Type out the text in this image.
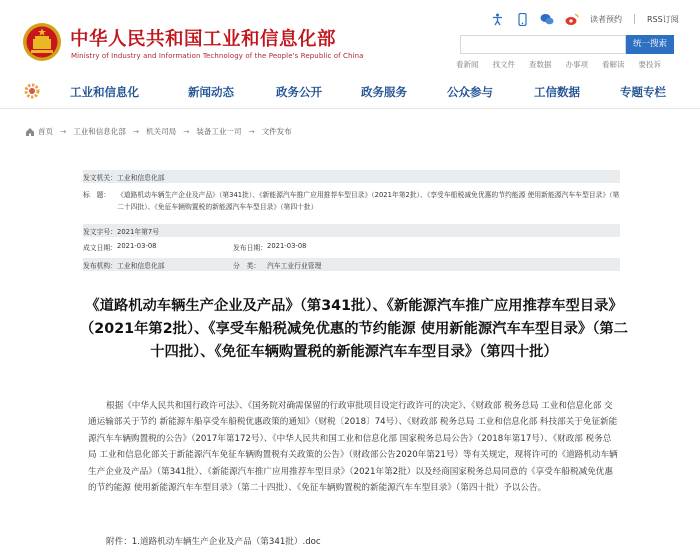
中华人民共和国工业和信息化部
Ministry of Industry and Information Technology of the People's Republic of China
读者预约	RSS订阅
统一搜索
看新闻 找文件 查数据 办事项 看解读 要投诉
工业和信息化	新闻动态	政务公开	政务服务	公众参与	工信数据	专题专栏
首页 → 工业和信息化部 → 机关司局 → 装备工业一司 → 文件发布
发文机关： 工业和信息化部
标　题：	《道路机动车辆生产企业及产品》（第341批）、《新能源汽车推广应用推荐车型目录》（2021年第2批）、《享受车船税减免优惠的节约能源 使用新能源汽车车型目录》（第二十四批）、《免征车辆购置税的新能源汽车车型目录》（第四十批）
发文字号： 2021年第7号
成文日期： 2021-03-08	发布日期： 2021-03-08
发布机构： 工业和信息化部	分　类：	汽车工业行业管理
《道路机动车辆生产企业及产品》（第341批）、《新能源汽车推广应用推荐车型目录》（2021年第2批）、《享受车船税减免优惠的节约能源 使用新能源汽车车型目录》（第二十四批）、《免征车辆购置税的新能源汽车车型目录》（第四十批）

根据《中华人民共和国行政许可法》、《国务院对确需保留的行政审批项目设定行政许可的决定》、《财政部 税务总局 工业和信息化部 交通运输部关于节约 新能源车船享受车船税优惠政策的通知》（财税〔2018〕74号）、《财政部 税务总局 工业和信息化部 科技部关于免征新能源汽车车辆购置税的公告》（2017年第172号）、《中华人民共和国工业和信息化部 国家税务总局公告》（2018年第17号）、《财政部 税务总局 工业和信息化部关于新能源汽车免征车辆购置税有关政策的公告》（财政部公告2020年第21号）等有关规定，现将许可的《道路机动车辆生产企业及产品》（第341批）、《新能源汽车推广应用推荐车型目录》（2021年第2批）以及经商国家税务总局同意的《享受车船税减免优惠的节约能源 使用新能源汽车车型目录》（第二十四批）、《免征车辆购置税的新能源汽车车型目录》（第四十批）予以公告。

附件：1.道路机动车辆生产企业及产品（第341批）.doc
